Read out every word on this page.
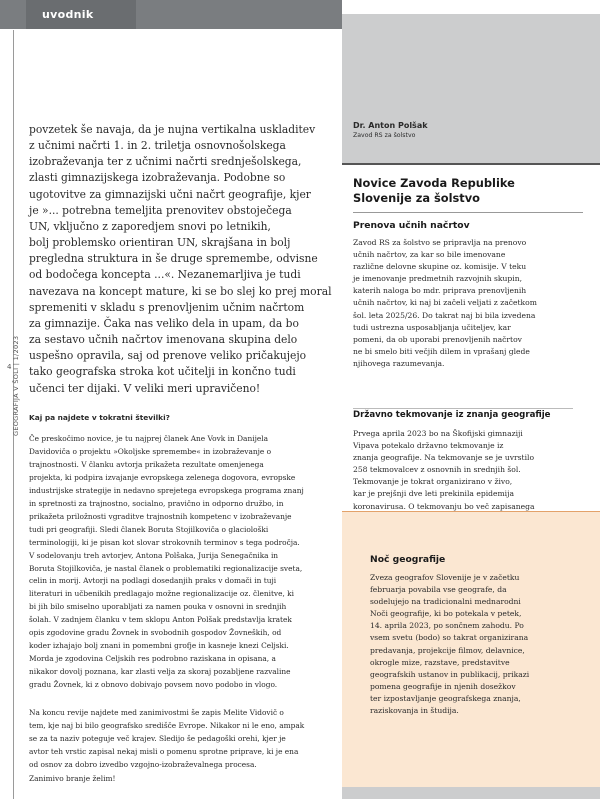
uvodnik
4 GEOGRAFIJA V ŠOLI | 1/2023

povzetek še navaja, da je nujna vertikalna uskladitev
z učnimi načrti 1. in 2. triletja osnovnošolskega
izobraževanja ter z učnimi načrti srednješolskega,
zlasti gimnazijskega izobraževanja. Podobne so
ugotovitve za gimnazijski učni načrt geografije, kjer
je »... potrebna temeljita prenovitev obstoječega
UN, vključno z zaporedjem snovi po letnikih,
bolj problemsko orientiran UN, skrajšana in bolj
pregledna struktura in še druge spremembe, odvisne
od bodočega koncepta ...«. Nezanemarljiva je tudi
navezava na koncept mature, ki se bo slej ko prej moral
spremeniti v skladu s prenovljenim učnim načrtom
za gimnazije. Čaka nas veliko dela in upam, da bo
za sestavo učnih načrtov imenovana skupina delo
uspešno opravila, saj od prenove veliko pričakujejo
tako geografska stroka kot učitelji in končno tudi
učenci ter dijaki. V veliki meri upravičeno!

Kaj pa najdete v tokratni številki?

Če preskočimo novice, je tu najprej članek Ane Vovk in Danijela
Davidoviča o projektu »Okoljske spremembe« in izobraževanje o
trajnostnosti. V članku avtorja prikažeta rezultate omenjenega
projekta, ki podpira izvajanje evropskega zelenega dogovora, evropske
industrijske strategije in nedavno sprejetega evropskega programa znanj
in spretnosti za trajnostno, socialno, pravično in odporno družbo, in
prikažeta priložnosti vgraditve trajnostnih kompetenc v izobraževanje
tudi pri geografiji. Sledi članek Boruta Stojilkoviča o glaciološki
terminologiji, ki je pisan kot slovar strokovnih terminov s tega področja.
V sodelovanju treh avtorjev, Antona Polšaka, Jurija Senegačnika in
Boruta Stojilkoviča, je nastal članek o problematiki regionalizacije sveta,
celin in morij. Avtorji na podlagi dosedanjih praks v domači in tuji
literaturi in učbenikih predlagajo možne regionalizacije oz. členitve, ki
bi jih bilo smiselno uporabljati za namen pouka v osnovni in srednjih
šolah. V zadnjem članku v tem sklopu Anton Polšak predstavlja kratek
opis zgodovine gradu Žovnek in svobodnih gospodov Žovneških, od
koder izhajajo bolj znani in pomembni grofje in kasneje knezi Celjski.
Morda je zgodovina Celjskih res podrobno raziskana in opisana, a
nikakor dovolj poznana, kar zlasti velja za skoraj pozabljene razvaline
gradu Žovnek, ki z obnovo dobivajo povsem novo podobo in vlogo.

Na koncu revije najdete med zanimivostmi še zapis Melite Vidovič o
tem, kje naj bi bilo geografsko središče Evrope. Nikakor ni le eno, ampak
se za ta naziv poteguje več krajev. Sledijo še pedagoški orehi, kjer je
avtor teh vrstic zapisal nekaj misli o pomenu sprotne priprave, ki je ena
od osnov za dobro izvedbo vzgojno-izobraževalnega procesa.

Zanimivo branje želim!

Dr. Anton Polšak
Zavod RS za šolstvo

Novice Zavoda Republike
Slovenije za šolstvo

Prenova učnih načrtov

Zavod RS za šolstvo se pripravlja na prenovo
učnih načrtov, za kar so bile imenovane
različne delovne skupine oz. komisije. V teku
je imenovanje predmetnih razvojnih skupin,
katerih naloga bo mdr. priprava prenovljenih
učnih načrtov, ki naj bi začeli veljati z začetkom
šol. leta 2025/26. Do takrat naj bi bila izvedena
tudi ustrezna usposabljanja učiteljev, kar
pomeni, da ob uporabi prenovljenih načrtov
ne bi smelo biti večjih dilem in vprašanj glede
njihovega razumevanja.

Državno tekmovanje iz znanja geografije

Prvega aprila 2023 bo na Škofijski gimnaziji
Vipava potekalo državno tekmovanje iz
znanja geografije. Na tekmovanje se je uvrstilo
258 tekmovalcev z osnovnih in srednjih šol.
Tekmovanje je tokrat organizirano v živo,
kar je prejšnji dve leti prekinila epidemija
koronavirusa. O tekmovanju bo več zapisanega

Noč geografije

Zveza geografov Slovenije je v začetku
februarja povabila vse geografe, da
sodelujejo na tradicionalni mednarodni
Noči geografije, ki bo potekala v petek,
14. aprila 2023, po sončnem zahodu. Po
vsem svetu (bodo) so takrat organizirana
predavanja, projekcije filmov, delavnice,
okrogle mize, razstave, predstavitve
geografskih ustanov in publikacij, prikazi
pomena geografije in njenih dosežkov
ter izpostavljanje geografskega znanja,
raziskovanja in študija.
